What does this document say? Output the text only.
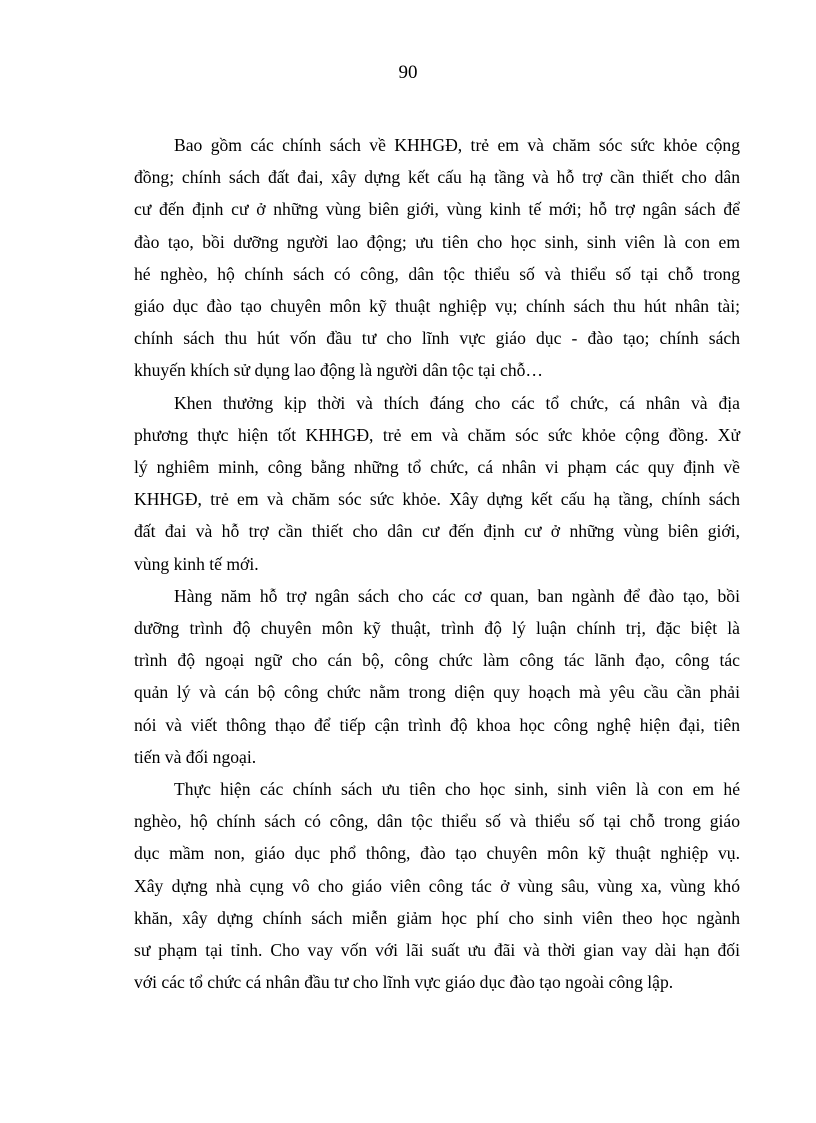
90

Bao gồm các chính sách về KHHGĐ, trẻ em và chăm sóc sức khỏe cộng
đồng; chính sách đất đai, xây dựng kết cấu hạ tầng và hỗ trợ cần thiết cho dân
cư đến định cư ở những vùng biên giới, vùng kinh tế mới; hỗ trợ ngân sách để
đào tạo, bồi dưỡng người lao động; ưu tiên cho học sinh, sinh viên là con em
hé nghèo, hộ chính sách có công, dân tộc thiểu số và thiểu số tại chỗ trong
giáo dục đào tạo chuyên môn kỹ thuật nghiệp vụ; chính sách thu hút nhân tài;
chính sách thu hút vốn đầu tư cho lĩnh vực giáo dục - đào tạo; chính sách
khuyến khích sử dụng lao động là người dân tộc tại chỗ…

Khen thưởng kịp thời và thích đáng cho các tổ chức, cá nhân và địa
phương thực hiện tốt KHHGĐ, trẻ em và chăm sóc sức khỏe cộng đồng. Xử
lý nghiêm minh, công bằng những tổ chức, cá nhân vi phạm các quy định về
KHHGĐ, trẻ em và chăm sóc sức khỏe. Xây dựng kết cấu hạ tầng, chính sách
đất đai và hỗ trợ cần thiết cho dân cư đến định cư ở những vùng biên giới,
vùng kinh tế mới.

Hàng năm hỗ trợ ngân sách cho các cơ quan, ban ngành để đào tạo, bồi
dưỡng trình độ chuyên môn kỹ thuật, trình độ lý luận chính trị, đặc biệt là
trình độ ngoại ngữ cho cán bộ, công chức làm công tác lãnh đạo, công tác
quản lý và cán bộ công chức nằm trong diện quy hoạch mà yêu cầu cần phải
nói và viết thông thạo để tiếp cận trình độ khoa học công nghệ hiện đại, tiên
tiến và đối ngoại.

Thực hiện các chính sách ưu tiên cho học sinh, sinh viên là con em hé
nghèo, hộ chính sách có công, dân tộc thiểu số và thiểu số tại chỗ trong giáo
dục mầm non, giáo dục phổ thông, đào tạo chuyên môn kỹ thuật nghiệp vụ.
Xây dựng nhà cụng vô cho giáo viên công tác ở vùng sâu, vùng xa, vùng khó
khăn, xây dựng chính sách miễn giảm học phí cho sinh viên theo học ngành
sư phạm tại tỉnh. Cho vay vốn với lãi suất ưu đãi và thời gian vay dài hạn đối
với các tổ chức cá nhân đầu tư cho lĩnh vực giáo dục đào tạo ngoài công lập.
